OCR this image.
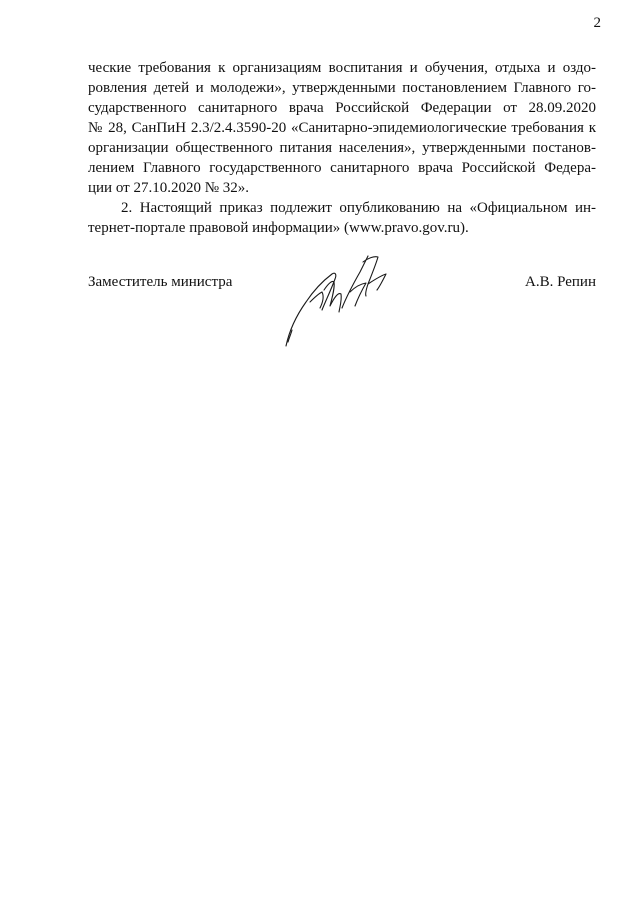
2
ческие требования к организациям воспитания и обучения, отдыха и оздо-
ровления детей и молодежи», утвержденными постановлением Главного го-
сударственного санитарного врача Российской Федерации от 28.09.2020
№ 28, СанПиН 2.3/2.4.3590-20 «Санитарно-эпидемиологические требования к
организации общественного питания населения», утвержденными постанов-
лением Главного государственного санитарного врача Российской Федера-
ции от 27.10.2020 № 32».
2. Настоящий приказ подлежит опубликованию на «Официальном ин-
тернет-портале правовой информации» (www.pravo.gov.ru).
Заместитель министра	А.В. Репин
